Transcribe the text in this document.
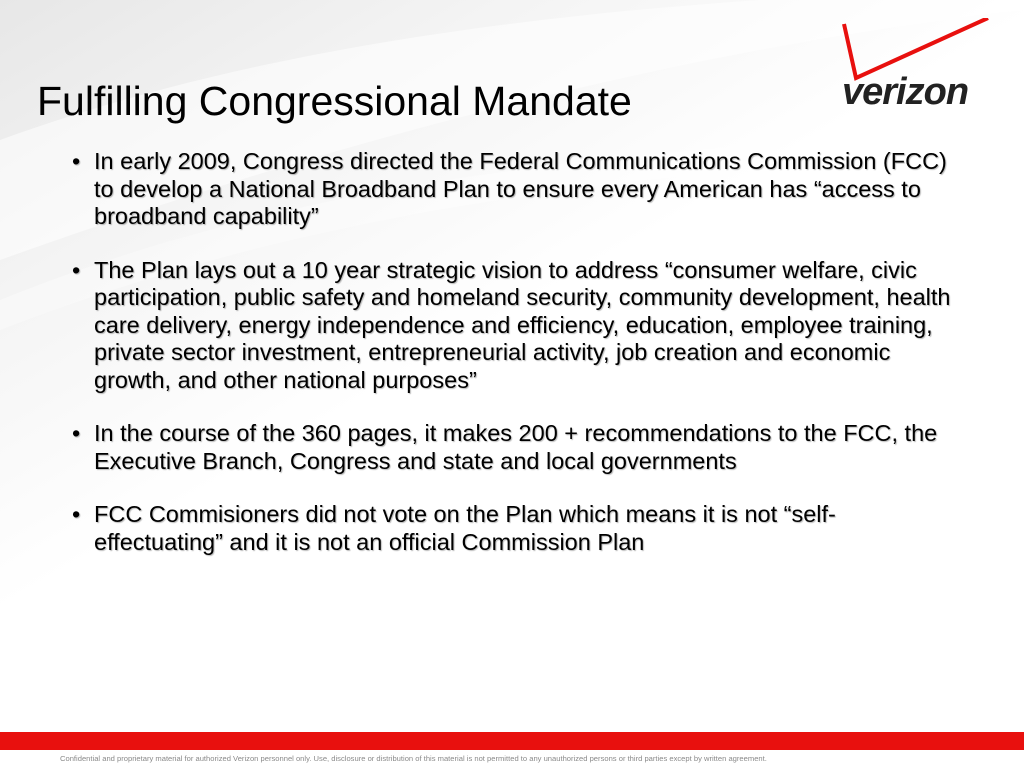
Fulfilling Congressional Mandate	verizon
• In early 2009, Congress directed the Federal Communications Commission (FCC) to develop a National Broadband Plan to ensure every American has “access to broadband capability”
• The Plan lays out a 10 year strategic vision to address “consumer welfare, civic participation, public safety and homeland security, community development, health care delivery, energy independence and efficiency, education, employee training, private sector investment, entrepreneurial activity, job creation and economic growth, and other national purposes”
• In the course of the 360 pages, it makes 200 + recommendations to the FCC, the Executive Branch, Congress and state and local governments
• FCC Commisioners did not vote on the Plan which means it is not “self-effectuating” and it is not an official Commission Plan
Confidential and proprietary material for authorized Verizon personnel only. Use, disclosure or distribution of this material is not permitted to any unauthorized persons or third parties except by written agreement.
